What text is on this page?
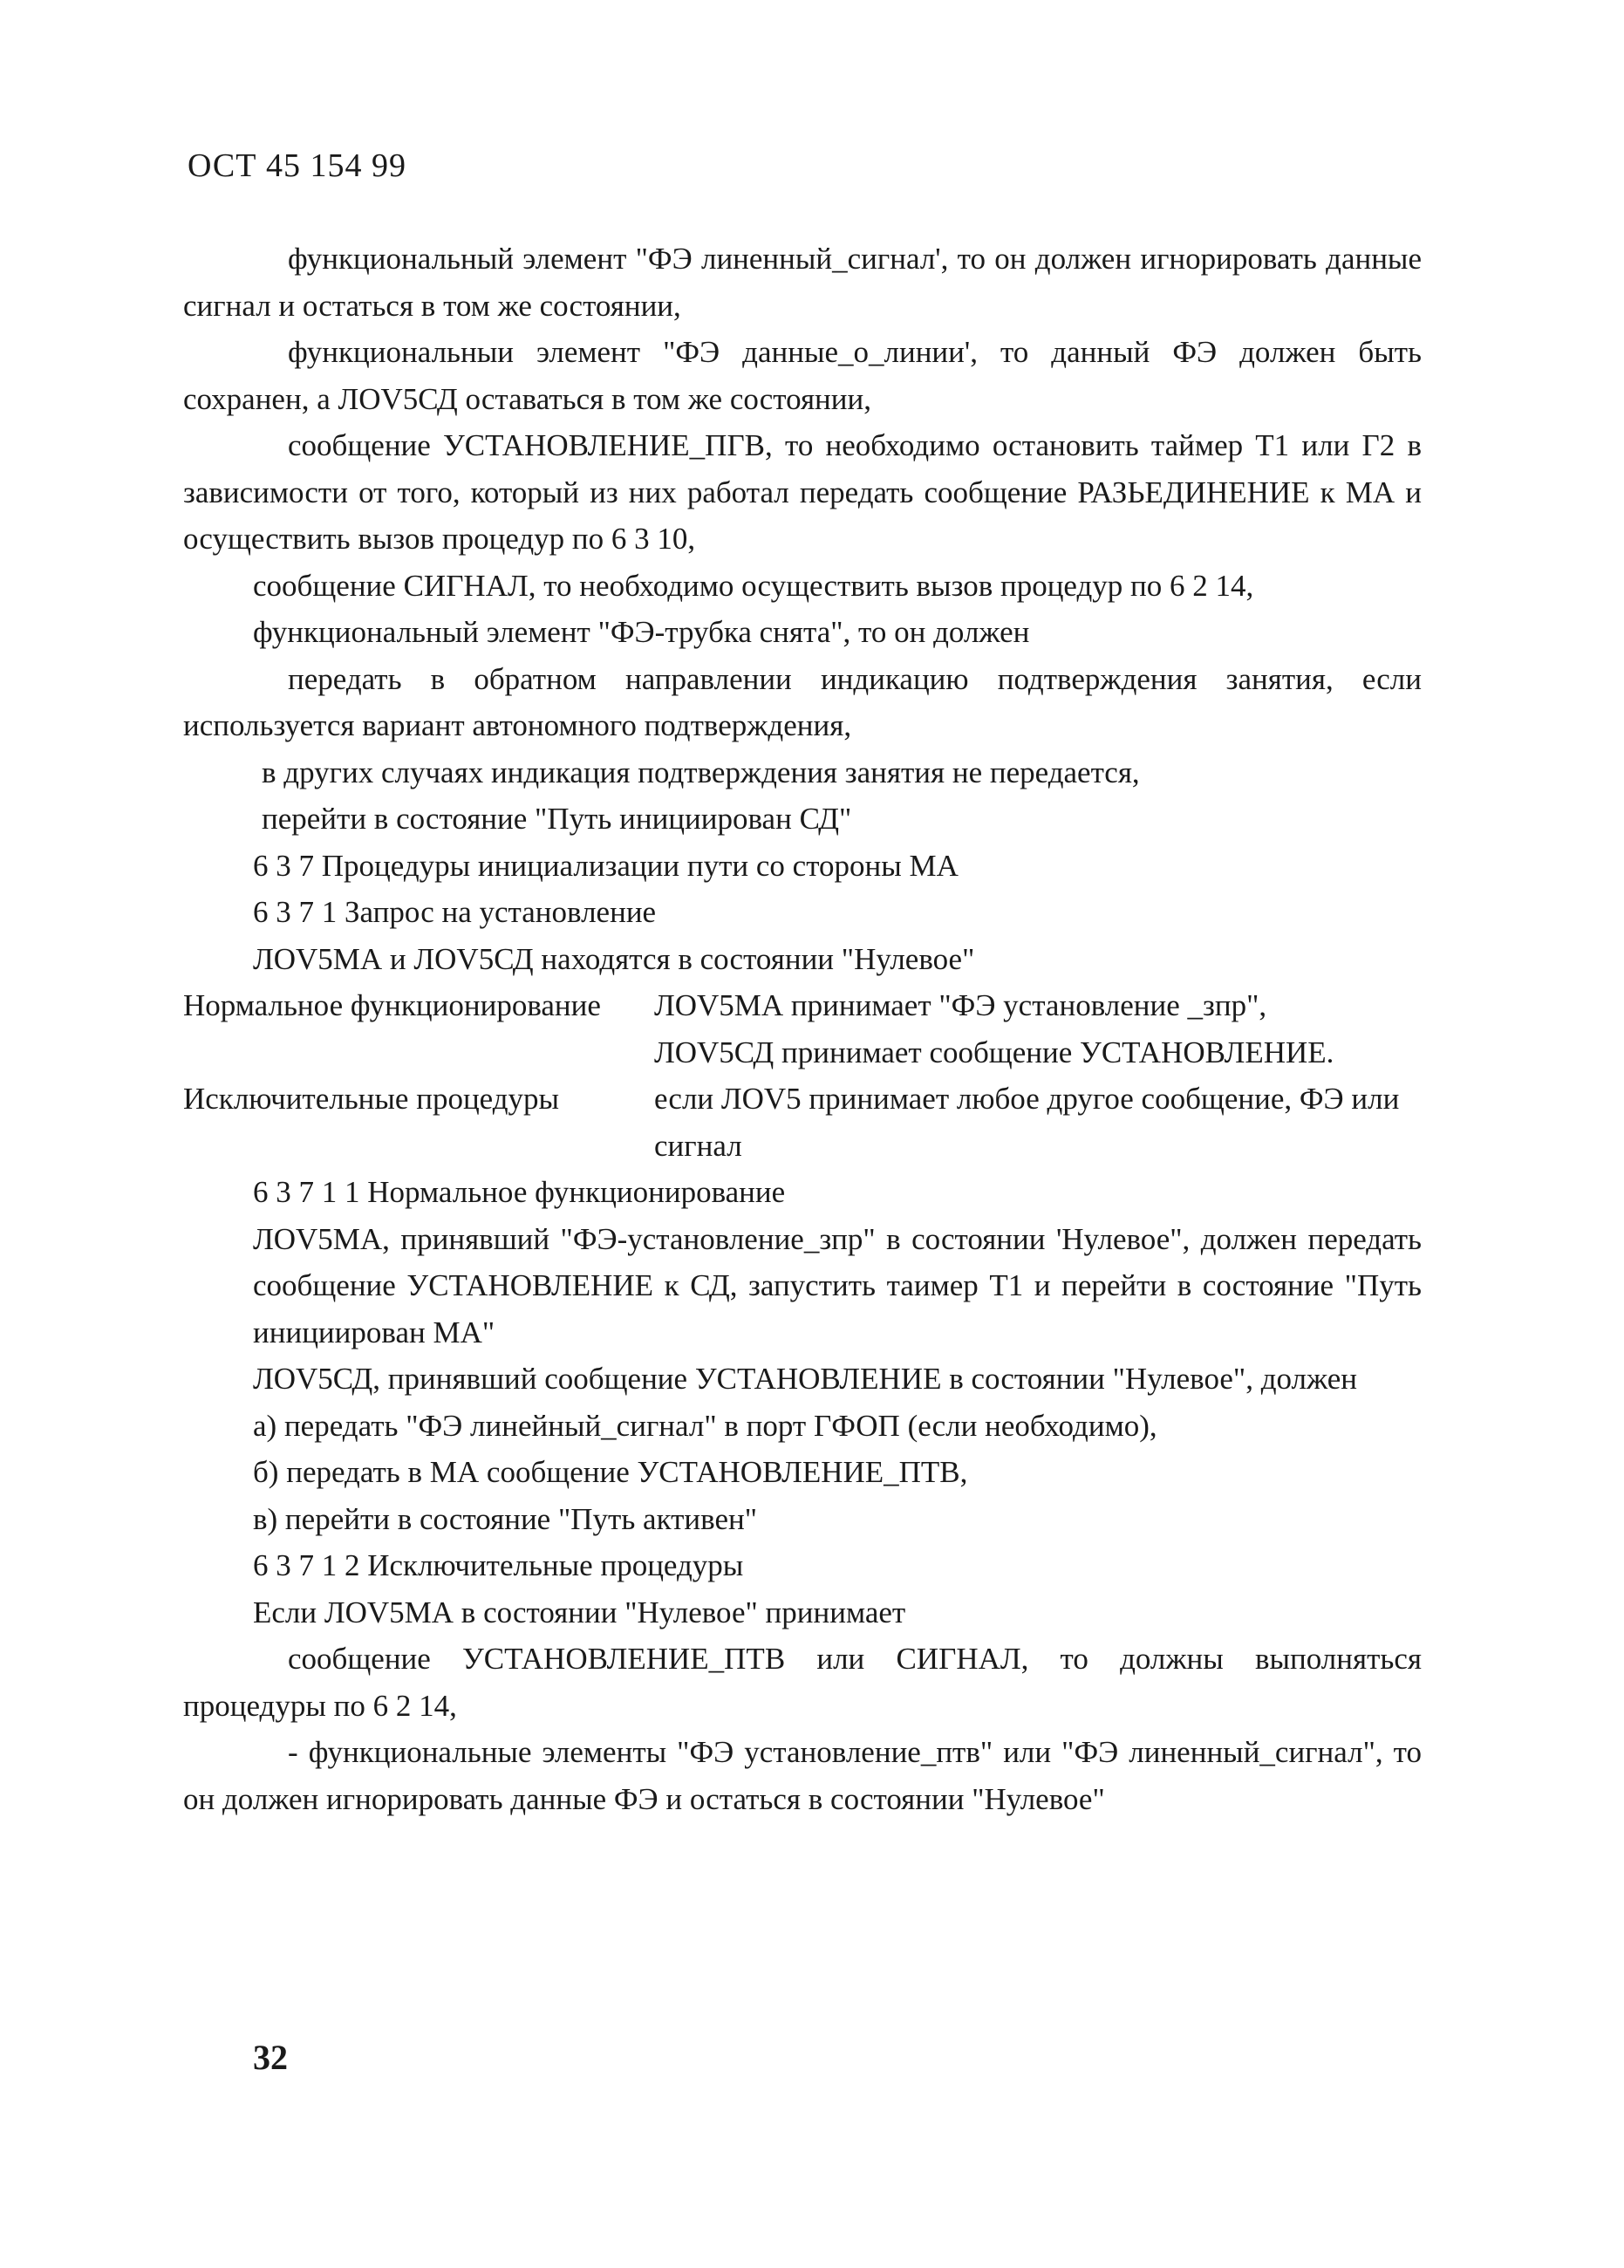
ОСТ 45 154 99

функциональный элемент "ФЭ линенный_сигнал', то он должен игнорировать данные сигнал и остаться в том же состоянии,

функциональныи элемент "ФЭ данные_о_линии', то данный ФЭ должен быть сохранен, а ЛОV5СД оставаться в том же состоянии,

сообщение УСТАНОВЛЕНИЕ_ПГВ, то необходимо остановить таймер Т1 или Г2 в зависимости от того, который из них работал передать сообщение РАЗЬЕДИНЕНИЕ к МА и осуществить вызов процедур по 6 3 10,

сообщение СИГНАЛ, то необходимо осуществить вызов процедур по 6 2 14,

функциональный элемент "ФЭ-трубка снята", то он должен

передать в обратном направлении индикацию подтверждения занятия, если используется вариант автономного подтверждения,

в других случаях индикация подтверждения занятия не передается,

перейти в состояние "Путь инициирован СД"

6 3 7 Процедуры инициализации пути со стороны МА

6 3 7 1 Запрос на установление

ЛОV5МА и ЛОV5СД находятся в состоянии "Нулевое"

Нормальное функционирование	ЛОV5МА принимает "ФЭ установление _зпр",
ЛОV5СД принимает сообщение УСТАНОВЛЕНИЕ.
Исключительные процедуры	если ЛОV5 принимает любое другое сообщение, ФЭ или
сигнал

6 3 7 1 1 Нормальное функционирование

ЛОV5МА, принявший "ФЭ-установление_зпр" в состоянии 'Нулевое", должен передать сообщение УСТАНОВЛЕНИЕ к СД, запустить таимер Т1 и перейти в состояние "Путь инициирован МА"

ЛОV5СД, принявший сообщение УСТАНОВЛЕНИЕ в состоянии "Нулевое", должен

а) передать "ФЭ линейный_сигнал" в порт ГФОП (если необходимо),

б) передать в МА сообщение УСТАНОВЛЕНИЕ_ПТВ,

в) перейти в состояние "Путь активен"

6 3 7 1 2 Исключительные процедуры

Если ЛОV5МА в состоянии "Нулевое" принимает

сообщение УСТАНОВЛЕНИЕ_ПТВ или СИГНАЛ, то должны выполняться процедуры по 6 2 14,

- функциональные элементы "ФЭ установление_птв" или "ФЭ линенный_сигнал", то он должен игнорировать данные ФЭ и остаться в состоянии "Нулевое"

32
